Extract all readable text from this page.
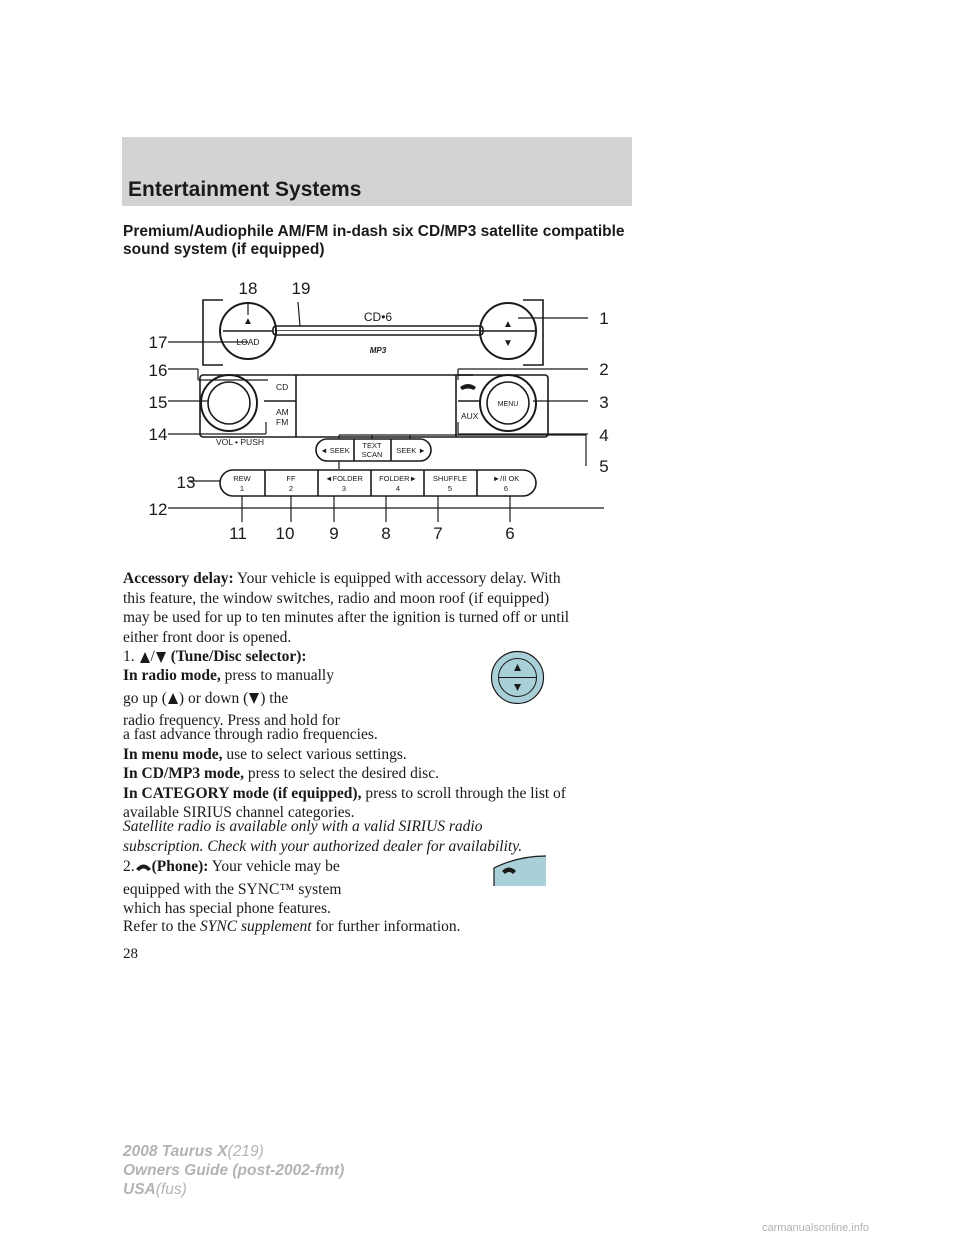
Entertainment Systems
Premium/Audiophile AM/FM in-dash six CD/MP3 satellite compatible sound system (if equipped)
▲
LOAD
▲
▼
CD•6
MP3
CD
AM
FM
VOL • PUSH
AUX
MENU
◄ SEEK
TEXT
SCAN SEEK ►
REW
1
FF
2
◄FOLDER
3
FOLDER►
4
SHUFFLE
5
►/II OK
6
1
2
3
4
5
6
7
8
9
10
11
12
13
14
15
16
17
18 19
Accessory delay: Your vehicle is equipped with accessory delay. With
this feature, the window switches, radio and moon roof (if equipped)
may be used for up to ten minutes after the ignition is turned off or until
either front door is opened.
1. / (Tune/Disc selector):
In radio mode, press to manually
go up ( ) or down ( ) the
radio frequency. Press and hold for
a fast advance through radio frequencies.
In menu mode, use to select various settings.
In CD/MP3 mode, press to select the desired disc.
In CATEGORY mode (if equipped), press to scroll through the list of
available SIRIUS channel categories.
Satellite radio is available only with a valid SIRIUS radio
subscription. Check with your authorized dealer for availability.
2. (Phone): Your vehicle may be
equipped with the SYNC™ system
which has special phone features.
Refer to the SYNC supplement for further information.
28
2008 Taurus X(219)
Owners Guide (post-2002-fmt)
USA(fus)
carmanualsonline.info
